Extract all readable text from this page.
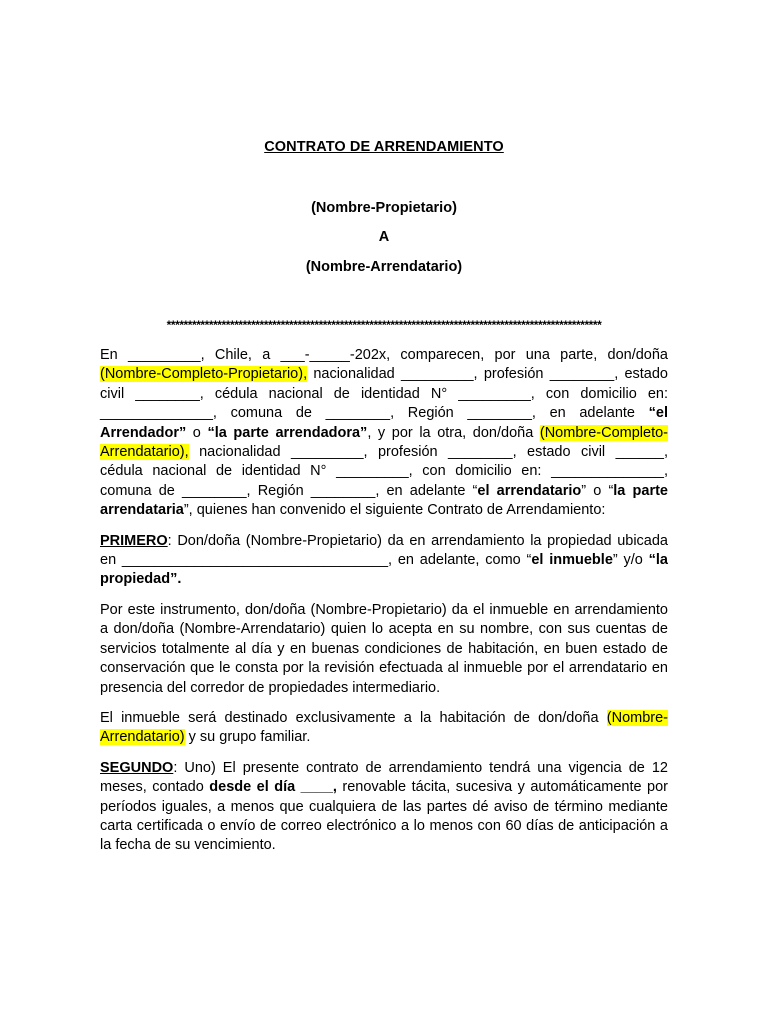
CONTRATO DE ARRENDAMIENTO
(Nombre-Propietario)
A
(Nombre-Arrendatario)
*******************************************************************************************************

En _________, Chile, a ___-_____-202x, comparecen, por una parte, don/doña (Nombre-Completo-Propietario), nacionalidad _________, profesión ________, estado civil ________, cédula nacional de identidad N° _________, con domicilio en: ______________, comuna de ________, Región ________, en adelante “el Arrendador” o “la parte arrendadora”, y por la otra, don/doña (Nombre-Completo-Arrendatario), nacionalidad _________, profesión ________, estado civil ______, cédula nacional de identidad N° _________, con domicilio en: ______________, comuna de ________, Región ________, en adelante “el arrendatario” o “la parte arrendataria”, quienes han convenido el siguiente Contrato de Arrendamiento:

PRIMERO: Don/doña (Nombre-Propietario) da en arrendamiento la propiedad ubicada en _________________________________, en adelante, como “el inmueble” y/o “la propiedad”.

Por este instrumento, don/doña (Nombre-Propietario) da el inmueble en arrendamiento a don/doña (Nombre-Arrendatario) quien lo acepta en su nombre, con sus cuentas de servicios totalmente al día y en buenas condiciones de habitación, en buen estado de conservación que le consta por la revisión efectuada al inmueble por el arrendatario en presencia del corredor de propiedades intermediario.

El inmueble será destinado exclusivamente a la habitación de don/doña (Nombre-Arrendatario) y su grupo familiar.

SEGUNDO: Uno) El presente contrato de arrendamiento tendrá una vigencia de 12 meses, contado desde el día ____, renovable tácita, sucesiva y automáticamente por períodos iguales, a menos que cualquiera de las partes dé aviso de término mediante carta certificada o envío de correo electrónico a lo menos con 60 días de anticipación a la fecha de su vencimiento.
